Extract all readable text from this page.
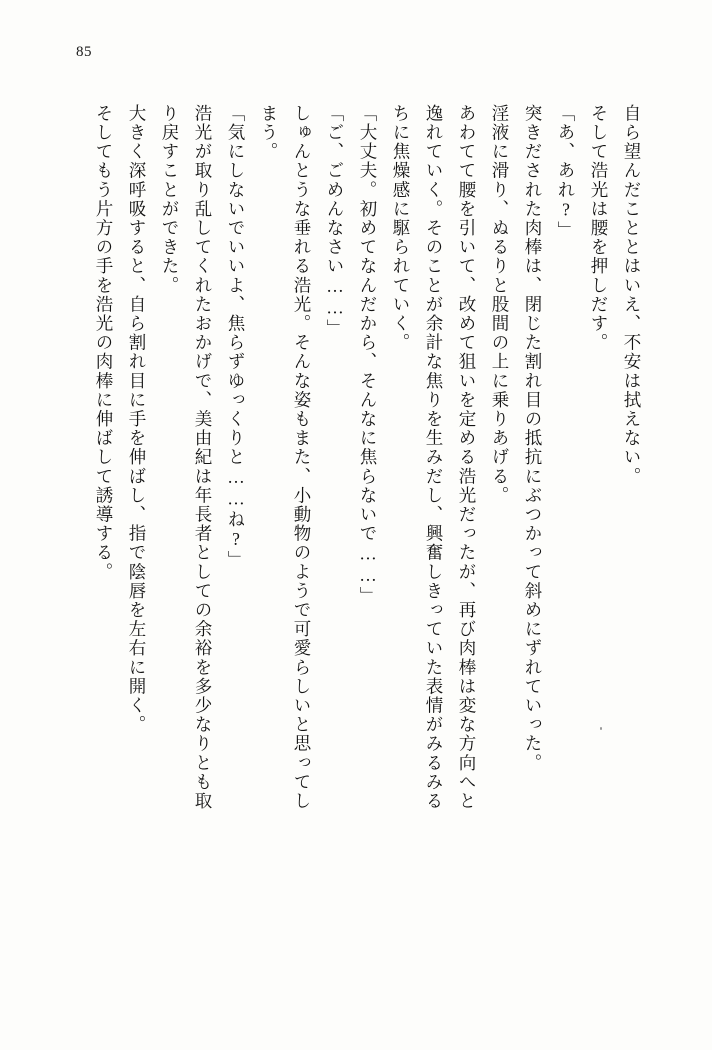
85
自ら望んだこととはいえ、不安は拭えない。
そして浩光は腰を押しだす。
「あ、あれ?」
突きだされた肉棒は、閉じた割れ目の抵抗にぶつかって斜めにずれていった。
淫液に滑り、ぬるりと股間の上に乗りあげる。
あわてて腰を引いて、改めて狙いを定める浩光だったが、再び肉棒は変な方向へと
逸れていく。そのことが余計な焦りを生みだし、興奮しきっていた表情がみるみる
ちに焦燥感に駆られていく。
「大丈夫。初めてなんだから、そんなに焦らないで……」
「ご、ごめんなさい……」
しゅんとうな垂れる浩光。そんな姿もまた、小動物のようで可愛らしいと思ってし
まう。
「気にしないでいいよ、焦らずゆっくりと……ね?」
浩光が取り乱してくれたおかげで、美由紀は年長者としての余裕を多少なりとも取
り戻すことができた。
大きく深呼吸すると、自ら割れ目に手を伸ばし、指で陰唇を左右に開く。
そしてもう片方の手を浩光の肉棒に伸ばして誘導する。
